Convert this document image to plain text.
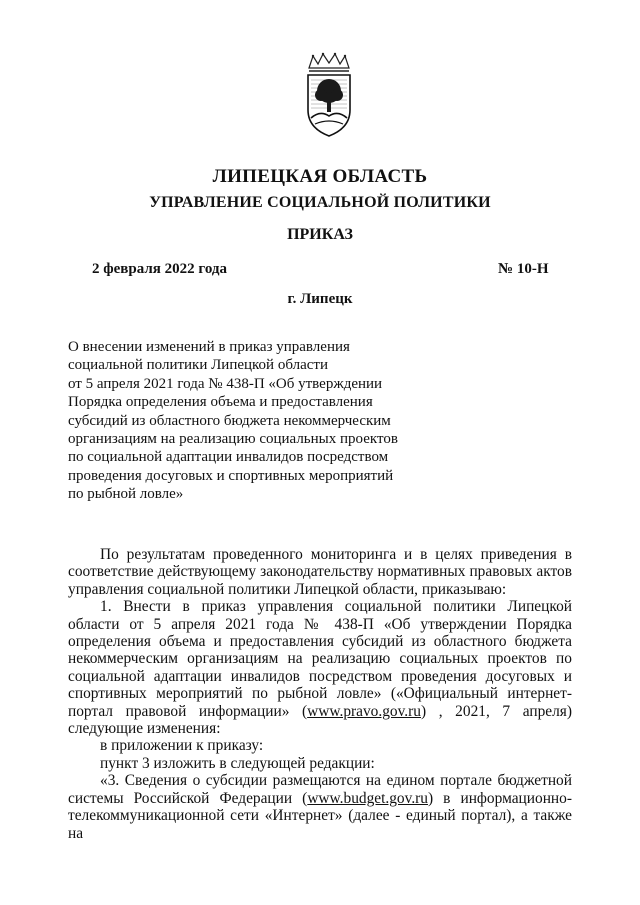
ЛИПЕЦКАЯ ОБЛАСТЬ
УПРАВЛЕНИЕ СОЦИАЛЬНОЙ ПОЛИТИКИ
ПРИКАЗ
2 февраля 2022 года	№ 10-Н
г. Липецк
О внесении изменений в приказ управления
социальной политики Липецкой области
от 5 апреля 2021 года № 438-П «Об утверждении
Порядка определения объема и предоставления
субсидий из областного бюджета некоммерческим
организациям на реализацию социальных проектов
по социальной адаптации инвалидов посредством
проведения досуговых и спортивных мероприятий
по рыбной ловле»

По результатам проведенного мониторинга и в целях приведения в соответствие действующему законодательству нормативных правовых актов управления социальной политики Липецкой области, приказываю:

1. Внести в приказ управления социальной политики Липецкой области от 5 апреля 2021 года № 438-П «Об утверждении Порядка определения объема и предоставления субсидий из областного бюджета некоммерческим организациям на реализацию социальных проектов по социальной адаптации инвалидов посредством проведения досуговых и спортивных мероприятий по рыбной ловле» («Официальный интернет-портал правовой информации» (www.pravo.gov.ru) , 2021, 7 апреля) следующие изменения:

в приложении к приказу:

пункт 3 изложить в следующей редакции:

«3. Сведения о субсидии размещаются на едином портале бюджетной системы Российской Федерации (www.budget.gov.ru) в информационно-телекоммуникационной сети «Интернет» (далее - единый портал), а также на
